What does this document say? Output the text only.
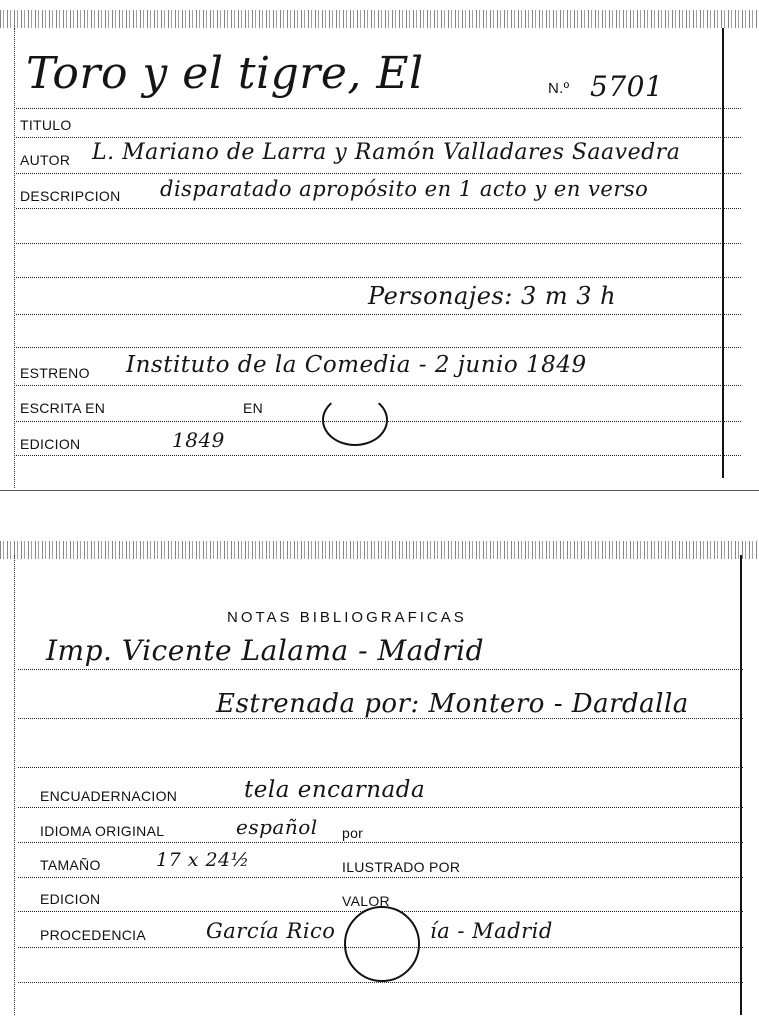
Toro y el tigre, El	N.º 5701
TITULO
AUTOR L. Mariano de Larra y Ramón Valladares Saavedra
DESCRIPCION disparatado apropósito en 1 acto y en verso
Personajes: 3 m 3 h
ESTRENO Instituto de la Comedia - 2 junio 1849
ESCRITA EN	EN
EDICION	1849
NOTAS BIBLIOGRAFICAS
Imp. Vicente Lalama - Madrid
Estrenada por: Montero - Dardalla
ENCUADERNACION	tela encarnada
IDIOMA ORIGINAL	español por
TAMAÑO	17 x 24½	ILUSTRADO POR
EDICION	VALOR
PROCEDENCIA	García Rico	ía - Madrid
